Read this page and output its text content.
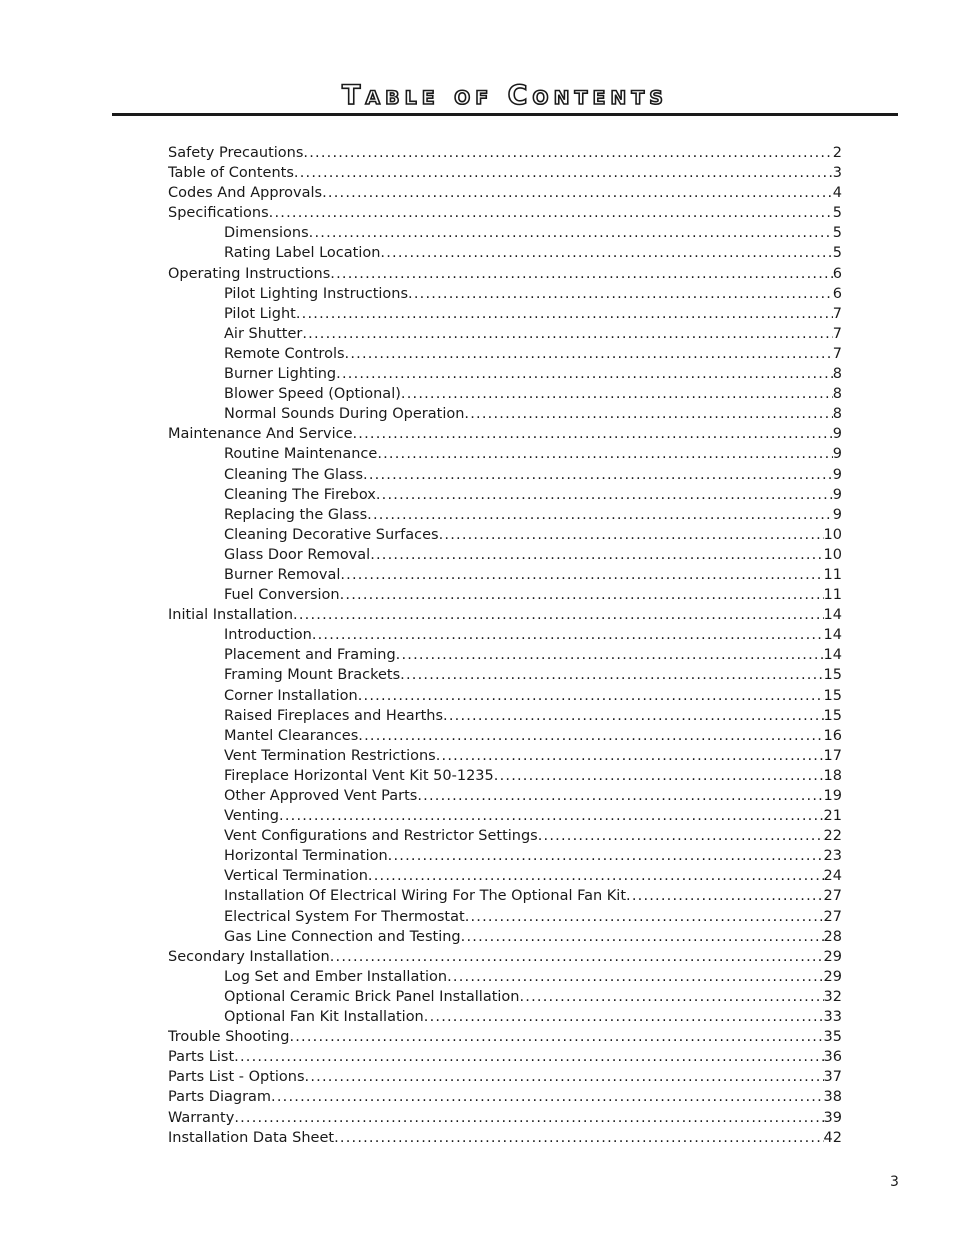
Table of Contents
Safety Precautions .....	2
Table of Contents .....	3
Codes And Approvals .....	4
Specifications .....	5
Dimensions .....	5
Rating Label Location .....	5
Operating Instructions .....	6
Pilot Lighting Instructions .....	6
Pilot Light .....	7
Air Shutter .....	7
Remote Controls .....	7
Burner Lighting .....	8
Blower Speed (Optional) .....	8
Normal Sounds During Operation .....	8
Maintenance And Service .....	9
Routine Maintenance .....	9
Cleaning The Glass .....	9
Cleaning The Firebox .....	9
Replacing the Glass .....	9
Cleaning Decorative Surfaces .....	10
Glass Door Removal .....	10
Burner Removal .....	11
Fuel Conversion .....	11
Initial Installation .....	14
Introduction .....	14
Placement and Framing .....	14
Framing Mount Brackets .....	15
Corner Installation .....	15
Raised Fireplaces and Hearths .....	15
Mantel Clearances .....	16
Vent Termination Restrictions .....	17
Fireplace Horizontal Vent Kit 50-1235 .....	18
Other Approved Vent Parts .....	19
Venting .....	21
Vent Configurations and Restrictor Settings .....	22
Horizontal Termination .....	23
Vertical Termination .....	24
Installation Of Electrical Wiring For The Optional Fan Kit .....	27
Electrical System For Thermostat .....	27
Gas Line Connection and Testing .....	28
Secondary Installation .....	29
Log Set and Ember Installation .....	29
Optional Ceramic Brick Panel Installation .....	32
Optional Fan Kit Installation .....	33
Trouble Shooting .....	35
Parts List .....	36
Parts List - Options .....	37
Parts Diagram .....	38
Warranty .....	39
Installation Data Sheet .....	42
3
